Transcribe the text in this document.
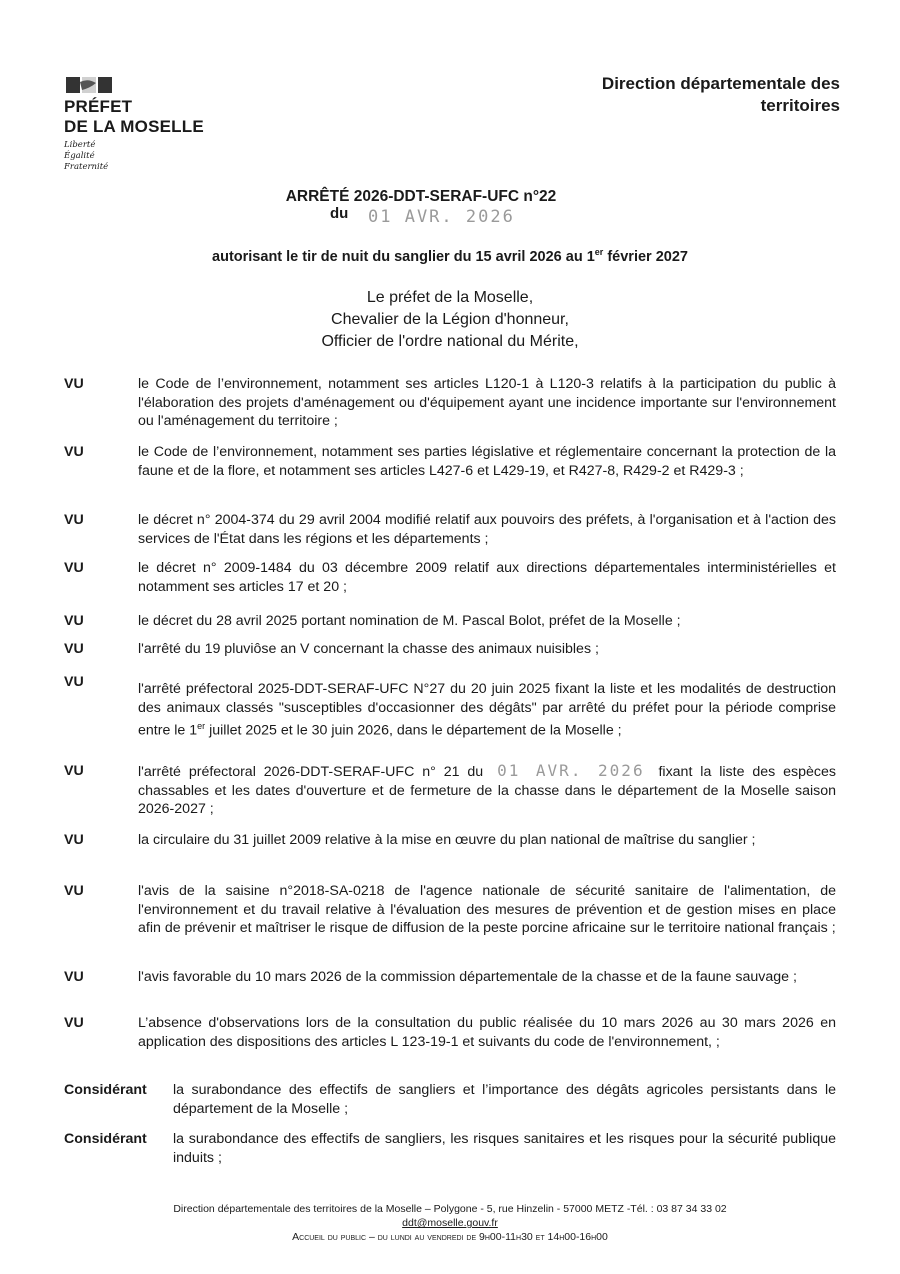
PRÉFET
DE LA MOSELLE
Liberté
Égalité
Fraternité
Direction départementale des
territoires
ARRÊTÉ 2026-DDT-SERAF-UFC n°22
du 01 AVR. 2026
autorisant le tir de nuit du sanglier du 15 avril 2026 au 1er février 2027
Le préfet de la Moselle,
Chevalier de la Légion d'honneur,
Officier de l'ordre national du Mérite,
VU	le Code de l’environnement, notamment ses articles L120-1 à L120-3 relatifs à la participation du public à l'élaboration des projets d'aménagement ou d'équipement ayant une incidence importante sur l'environnement ou l'aménagement du territoire ;
VU	le Code de l’environnement, notamment ses parties législative et réglementaire concernant la protection de la faune et de la flore, et notamment ses articles L427-6 et L429-19, et R427-8, R429-2 et R429-3 ;
VU	le décret n° 2004-374 du 29 avril 2004 modifié relatif aux pouvoirs des préfets, à l'organisation et à l'action des services de l'État dans les régions et les départements ;
VU	le décret n° 2009-1484 du 03 décembre 2009 relatif aux directions départementales interministérielles et notamment ses articles 17 et 20 ;
VU	le décret du 28 avril 2025 portant nomination de M. Pascal Bolot, préfet de la Moselle ;
VU	l'arrêté du 19 pluviôse an V concernant la chasse des animaux nuisibles ;
VU	l'arrêté préfectoral 2025-DDT-SERAF-UFC N°27 du 20 juin 2025 fixant la liste et les modalités de destruction des animaux classés "susceptibles d'occasionner des dégâts" par arrêté du préfet pour la période comprise entre le 1er juillet 2025 et le 30 juin 2026, dans le département de la Moselle ;
VU	l'arrêté préfectoral 2026-DDT-SERAF-UFC n° 21 du 01 AVR. 2026 fixant la liste des espèces chassables et les dates d'ouverture et de fermeture de la chasse dans le département de la Moselle saison 2026-2027 ;
VU	la circulaire du 31 juillet 2009 relative à la mise en œuvre du plan national de maîtrise du sanglier ;
VU	l'avis de la saisine n°2018-SA-0218 de l'agence nationale de sécurité sanitaire de l'alimentation, de l'environnement et du travail relative à l'évaluation des mesures de prévention et de gestion mises en place afin de prévenir et maîtriser le risque de diffusion de la peste porcine africaine sur le territoire national français ;
VU	l'avis favorable du 10 mars 2026 de la commission départementale de la chasse et de la faune sauvage ;
VU	L’absence d'observations lors de la consultation du public réalisée du 10 mars 2026 au 30 mars 2026 en application des dispositions des articles L 123-19-1 et suivants du code de l'environnement, ;
Considérant la surabondance des effectifs de sangliers et l’importance des dégâts agricoles persistants dans le département de la Moselle ;
Considérant la surabondance des effectifs de sangliers, les risques sanitaires et les risques pour la sécurité publique induits ;
Direction départementale des territoires de la Moselle – Polygone - 5, rue Hinzelin - 57000 METZ -Tél. : 03 87 34 33 02
ddt@moselle.gouv.fr
Accueil du public – du lundi au vendredi de 9h00-11h30 et 14h00-16h00
